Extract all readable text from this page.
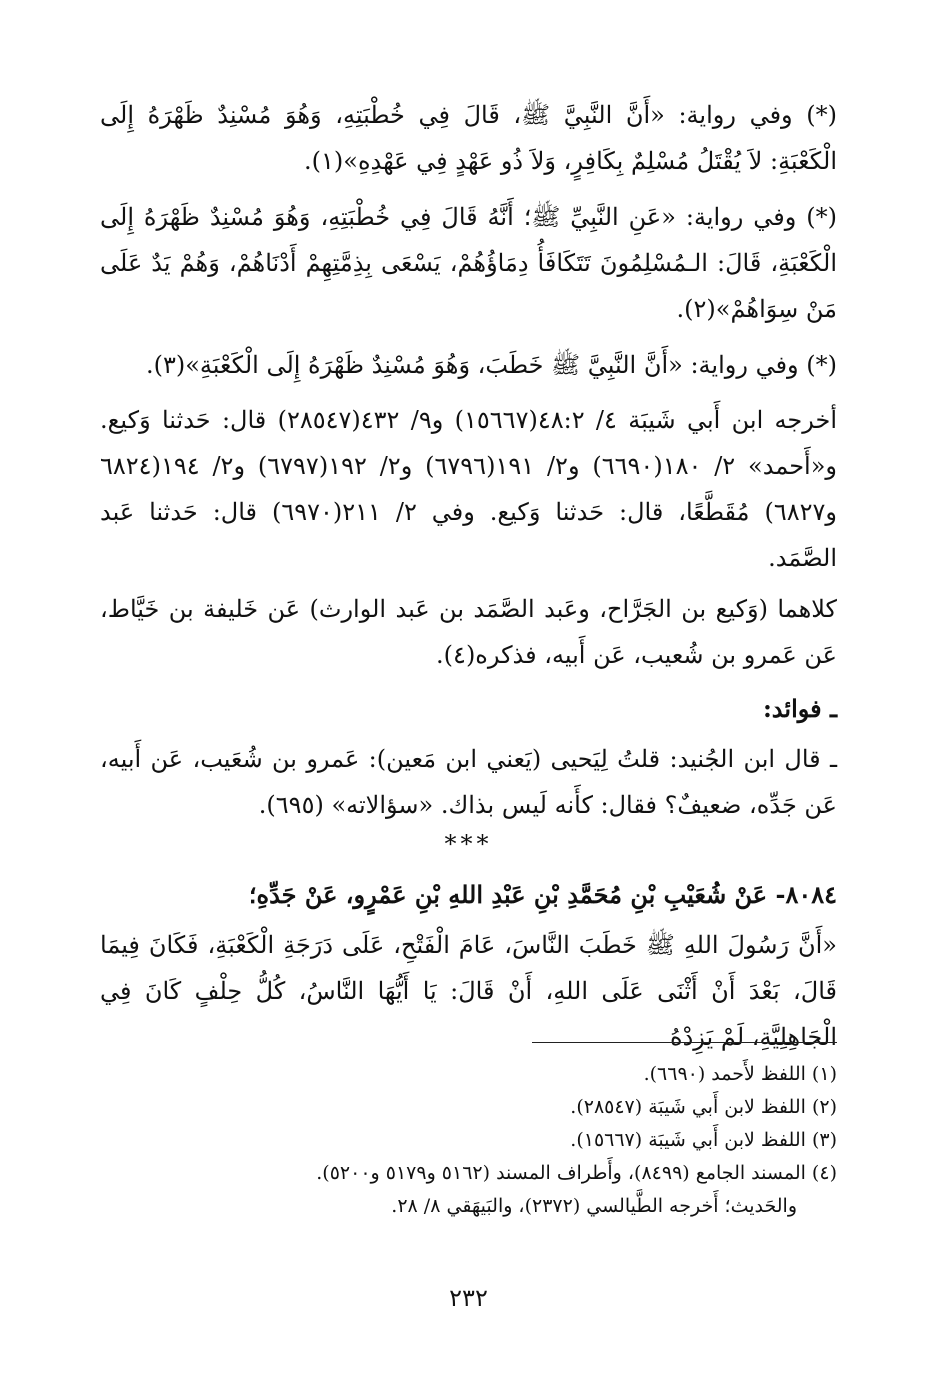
(*) وفي رواية: «أَنَّ النَّبِيَّ ﷺ، قَالَ فِي خُطْبَتِهِ، وَهُوَ مُسْنِدٌ ظَهْرَهُ إِلَى الْكَعْبَةِ: لاَ يُقْتَلُ مُسْلِمٌ بِكَافِرٍ، وَلاَ ذُو عَهْدٍ فِي عَهْدِهِ»(١).

(*) وفي رواية: «عَنِ النَّبِيِّ ﷺ؛ أَنَّهُ قَالَ فِي خُطْبَتِهِ، وَهُوَ مُسْنِدٌ ظَهْرَهُ إِلَى الْكَعْبَةِ، قَالَ: الـمُسْلِمُونَ تَتَكَافَأُ دِمَاؤُهُمْ، يَسْعَى بِذِمَّتِهِمْ أَدْنَاهُمْ، وَهُمْ يَدٌ عَلَى مَنْ سِوَاهُمْ»(٢).

(*) وفي رواية: «أَنَّ النَّبِيَّ ﷺ خَطَبَ، وَهُوَ مُسْنِدٌ ظَهْرَهُ إِلَى الْكَعْبَةِ»(٣).

أخرجه ابن أَبي شَيبَة ٤/ ٤٨:٢(١٥٦٦٧) و٩/ ٤٣٢(٢٨٥٤٧) قال: حَدثنا وَكيع. و«أَحمد» ٢/ ١٨٠(٦٦٩٠) و٢/ ١٩١(٦٧٩٦) و٢/ ١٩٢(٦٧٩٧) و٢/ ١٩٤(٦٨٢٤ و٦٨٢٧) مُقَطَّعًا، قال: حَدثنا وَكيع. وفي ٢/ ٢١١(٦٩٧٠) قال: حَدثنا عَبد الصَّمَد.

كلاهما (وَكيع بن الجَرَّاح، وعَبد الصَّمَد بن عَبد الوارث) عَن خَليفة بن خَيَّاط، عَن عَمرو بن شُعيب، عَن أَبيه، فذكره(٤).

ـ فوائد:

ـ قال ابن الجُنيد: قلتُ لِيَحيى (يَعني ابن مَعين): عَمرو بن شُعَيب، عَن أَبيه، عَن جَدِّه، ضعيفٌ؟ فقال: كأَنه لَيس بذاك. «سؤالاته» (٦٩٥).

***

٨٠٨٤- عَنْ شُعَيْبِ بْنِ مُحَمَّدِ بْنِ عَبْدِ اللهِ بْنِ عَمْرٍو، عَنْ جَدِّهِ؛

«أَنَّ رَسُولَ اللهِ ﷺ خَطَبَ النَّاسَ، عَامَ الْفَتْحِ، عَلَى دَرَجَةِ الْكَعْبَةِ، فَكَانَ فِيمَا قَالَ، بَعْدَ أَنْ أَثْنَى عَلَى اللهِ، أَنْ قَالَ: يَا أَيُّهَا النَّاسُ، كُلُّ حِلْفٍ كَانَ فِي الْجَاهِلِيَّةِ، لَمْ يَزِدْهُ

(١) اللفظ لأَحمد (٦٦٩٠).

(٢) اللفظ لابن أَبي شَيبَة (٢٨٥٤٧).

(٣) اللفظ لابن أَبي شَيبَة (١٥٦٦٧).

(٤) المسند الجامع (٨٤٩٩)، وأَطراف المسند (٥١٦٢ و٥١٧٩ و٥٢٠٠).

والحَديث؛ أَخرجه الطَّيالسي (٢٣٧٢)، والبَيهَقي ٨/ ٢٨.

٢٣٢
